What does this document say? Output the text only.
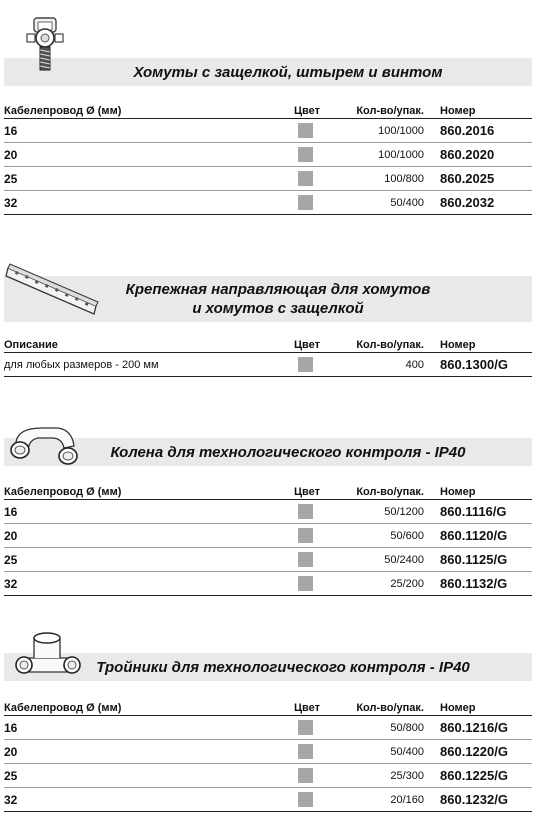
Хомуты с защелкой, штырем и винтом
Кабелепровод Ø (мм)	Цвет	Кол-во/упак.	Номер
16		100/1000	860.2016
20		100/1000	860.2020
25		100/800	860.2025
32		50/400	860.2032
Крепежная направляющая для хомутов
и хомутов с защелкой
Описание	Цвет	Кол-во/упак.	Номер
для любых размеров - 200 мм		400	860.1300/G
Колена для технологического контроля - IP40
Кабелепровод Ø (мм)	Цвет	Кол-во/упак.	Номер
16		50/1200	860.1116/G
20		50/600	860.1120/G
25		50/2400	860.1125/G
32		25/200	860.1132/G
Тройники для технологического контроля - IP40
Кабелепровод Ø (мм)	Цвет	Кол-во/упак.	Номер
16		50/800	860.1216/G
20		50/400	860.1220/G
25		25/300	860.1225/G
32		20/160	860.1232/G
